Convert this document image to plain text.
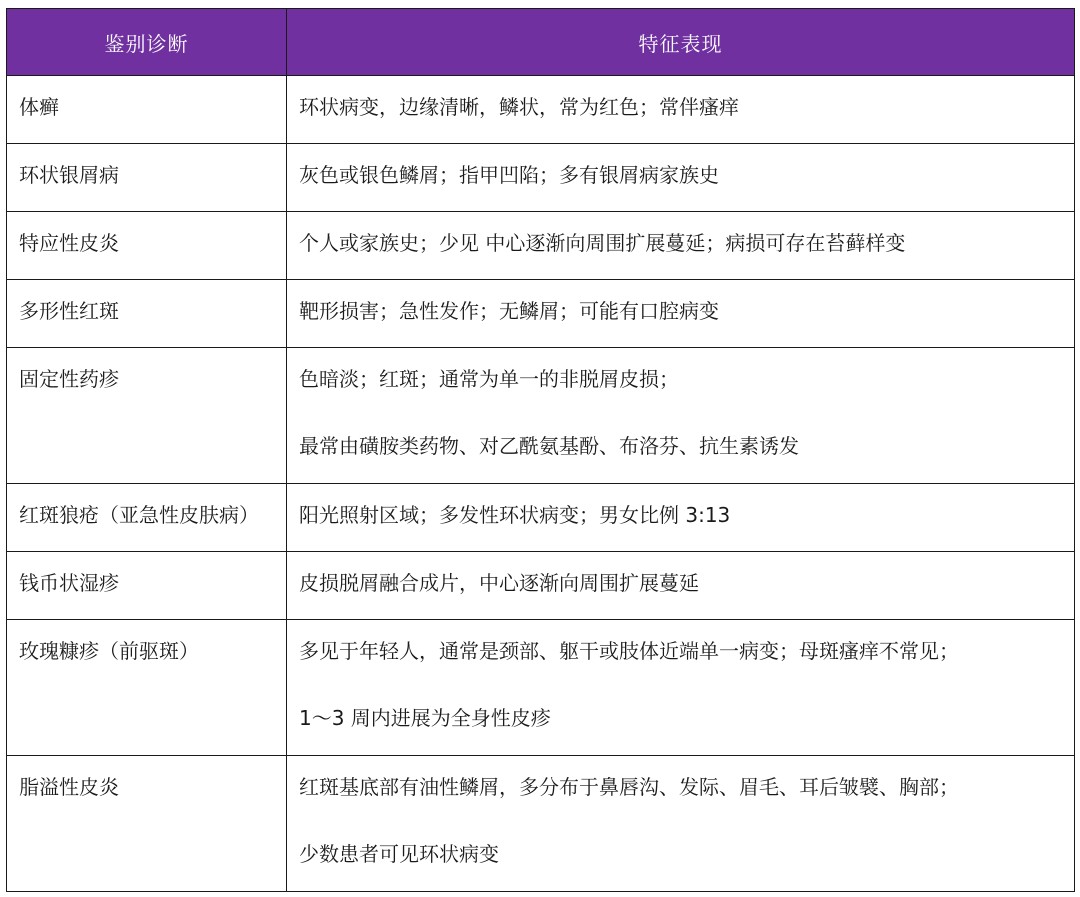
鉴别诊断	特征表现
体癣	环状病变，边缘清晰，鳞状，常为红色；常伴瘙痒

环状银屑病	灰色或银色鳞屑；指甲凹陷；多有银屑病家族史

特应性皮炎	个人或家族史；少见 中心逐渐向周围扩展蔓延；病损可存在苔藓样变

多形性红斑	靶形损害；急性发作；无鳞屑；可能有口腔病变

固定性药疹	色暗淡；红斑；通常为单一的非脱屑皮损；
最常由磺胺类药物、对乙酰氨基酚、布洛芬、抗生素诱发

红斑狼疮（亚急性皮肤病）	阳光照射区域；多发性环状病变；男女比例 3:13

钱币状湿疹	皮损脱屑融合成片，中心逐渐向周围扩展蔓延

玫瑰糠疹（前驱斑）	多见于年轻人，通常是颈部、躯干或肢体近端单一病变；母斑瘙痒不常见；
1～3 周内进展为全身性皮疹

脂溢性皮炎	红斑基底部有油性鳞屑，多分布于鼻唇沟、发际、眉毛、耳后皱襞、胸部；
少数患者可见环状病变
